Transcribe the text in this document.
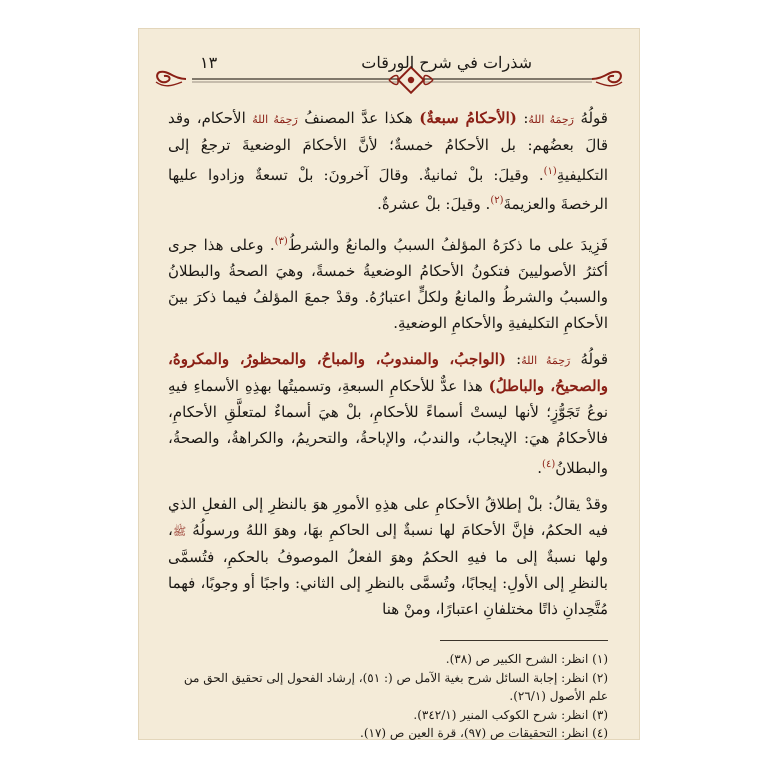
شذرات في شرح الورقات
١٣

قولُهُ رَحِمَهُ اللهُ: (الأحكامُ سبعةٌ) هكذا عدَّ المصنفُ رَحِمَهُ اللهُ الأحكام، وقد قالَ بعضُهم: بل الأحكامُ خمسةٌ؛ لأنَّ الأحكامَ الوضعيةَ ترجعُ إلى التكليفيةِ$^{(١)}$. وقيلَ: بلْ ثمانيةٌ. وقالَ آخرونَ: بلْ تسعةٌ وزادوا عليها الرخصةَ والعزيمةَ$^{(٢)}$. وقيلَ: بلْ عشرةٌ.

فَزِيدَ على ما ذكرَهُ المؤلفُ السببُ والمانعُ والشرطُ$^{(٣)}$. وعلى هذا جرى أكثرُ الأصوليينَ فتكونُ الأحكامُ الوضعيةُ خمسةً، وهيَ الصحةُ والبطلانُ والسببُ والشرطُ والمانعُ ولكلٍّ اعتبارُهُ. وقدْ جمعَ المؤلفُ فيما ذكرَ بينَ الأحكامِ التكليفيةِ والأحكامِ الوضعيةِ.

قولُهُ رَحِمَهُ اللهُ: (الواجبُ، والمندوبُ، والمباحُ، والمحظورُ، والمكروهُ، والصحيحُ، والباطلُ) هذا عدٌّ للأحكامِ السبعةِ، وتسميتُها بهذِهِ الأسماءِ فيهِ نوعُ تَجَوُّزٍ؛ لأنها ليستْ أسماءً للأحكامِ، بلْ هيَ أسماءٌ لمتعلَّقِ الأحكامِ، فالأحكامُ هيَ: الإيجابُ، والندبُ، والإباحةُ، والتحريمُ، والكراهةُ، والصحةُ، والبطلانُ$^{(٤)}$.

وقدْ يقالُ: بلْ إطلاقُ الأحكامِ على هذِهِ الأمورِ هوَ بالنظرِ إلى الفعلِ الذي فيه الحكمُ، فإنَّ الأحكامَ لها نسبةٌ إلى الحاكمِ بهَا، وهوَ اللهُ ورسولُهُ ﷺ، ولها نسبةٌ إلى ما فيهِ الحكمُ وهوَ الفعلُ الموصوفُ بالحكمِ، فتُسمَّى بالنظرِ إلى الأولِ: إيجابًا، وتُسمَّى بالنظرِ إلى الثاني: واجبًا أو وجوبًا، فهما مُتَّحِدانِ ذاتًا مختلفانِ اعتبارًا، ومنْ هنا

(١) انظر: الشرح الكبير ص (٣٨).
(٢) انظر: إجابة السائل شرح بغية الآمل ص (: ٥١)، إرشاد الفحول إلى تحقيق الحق من علم الأصول (٢٦/١).
(٣) انظر: شرح الكوكب المنير (٣٤٢/١).
(٤) انظر: التحقيقات ص (٩٧)، قرة العين ص (١٧).
